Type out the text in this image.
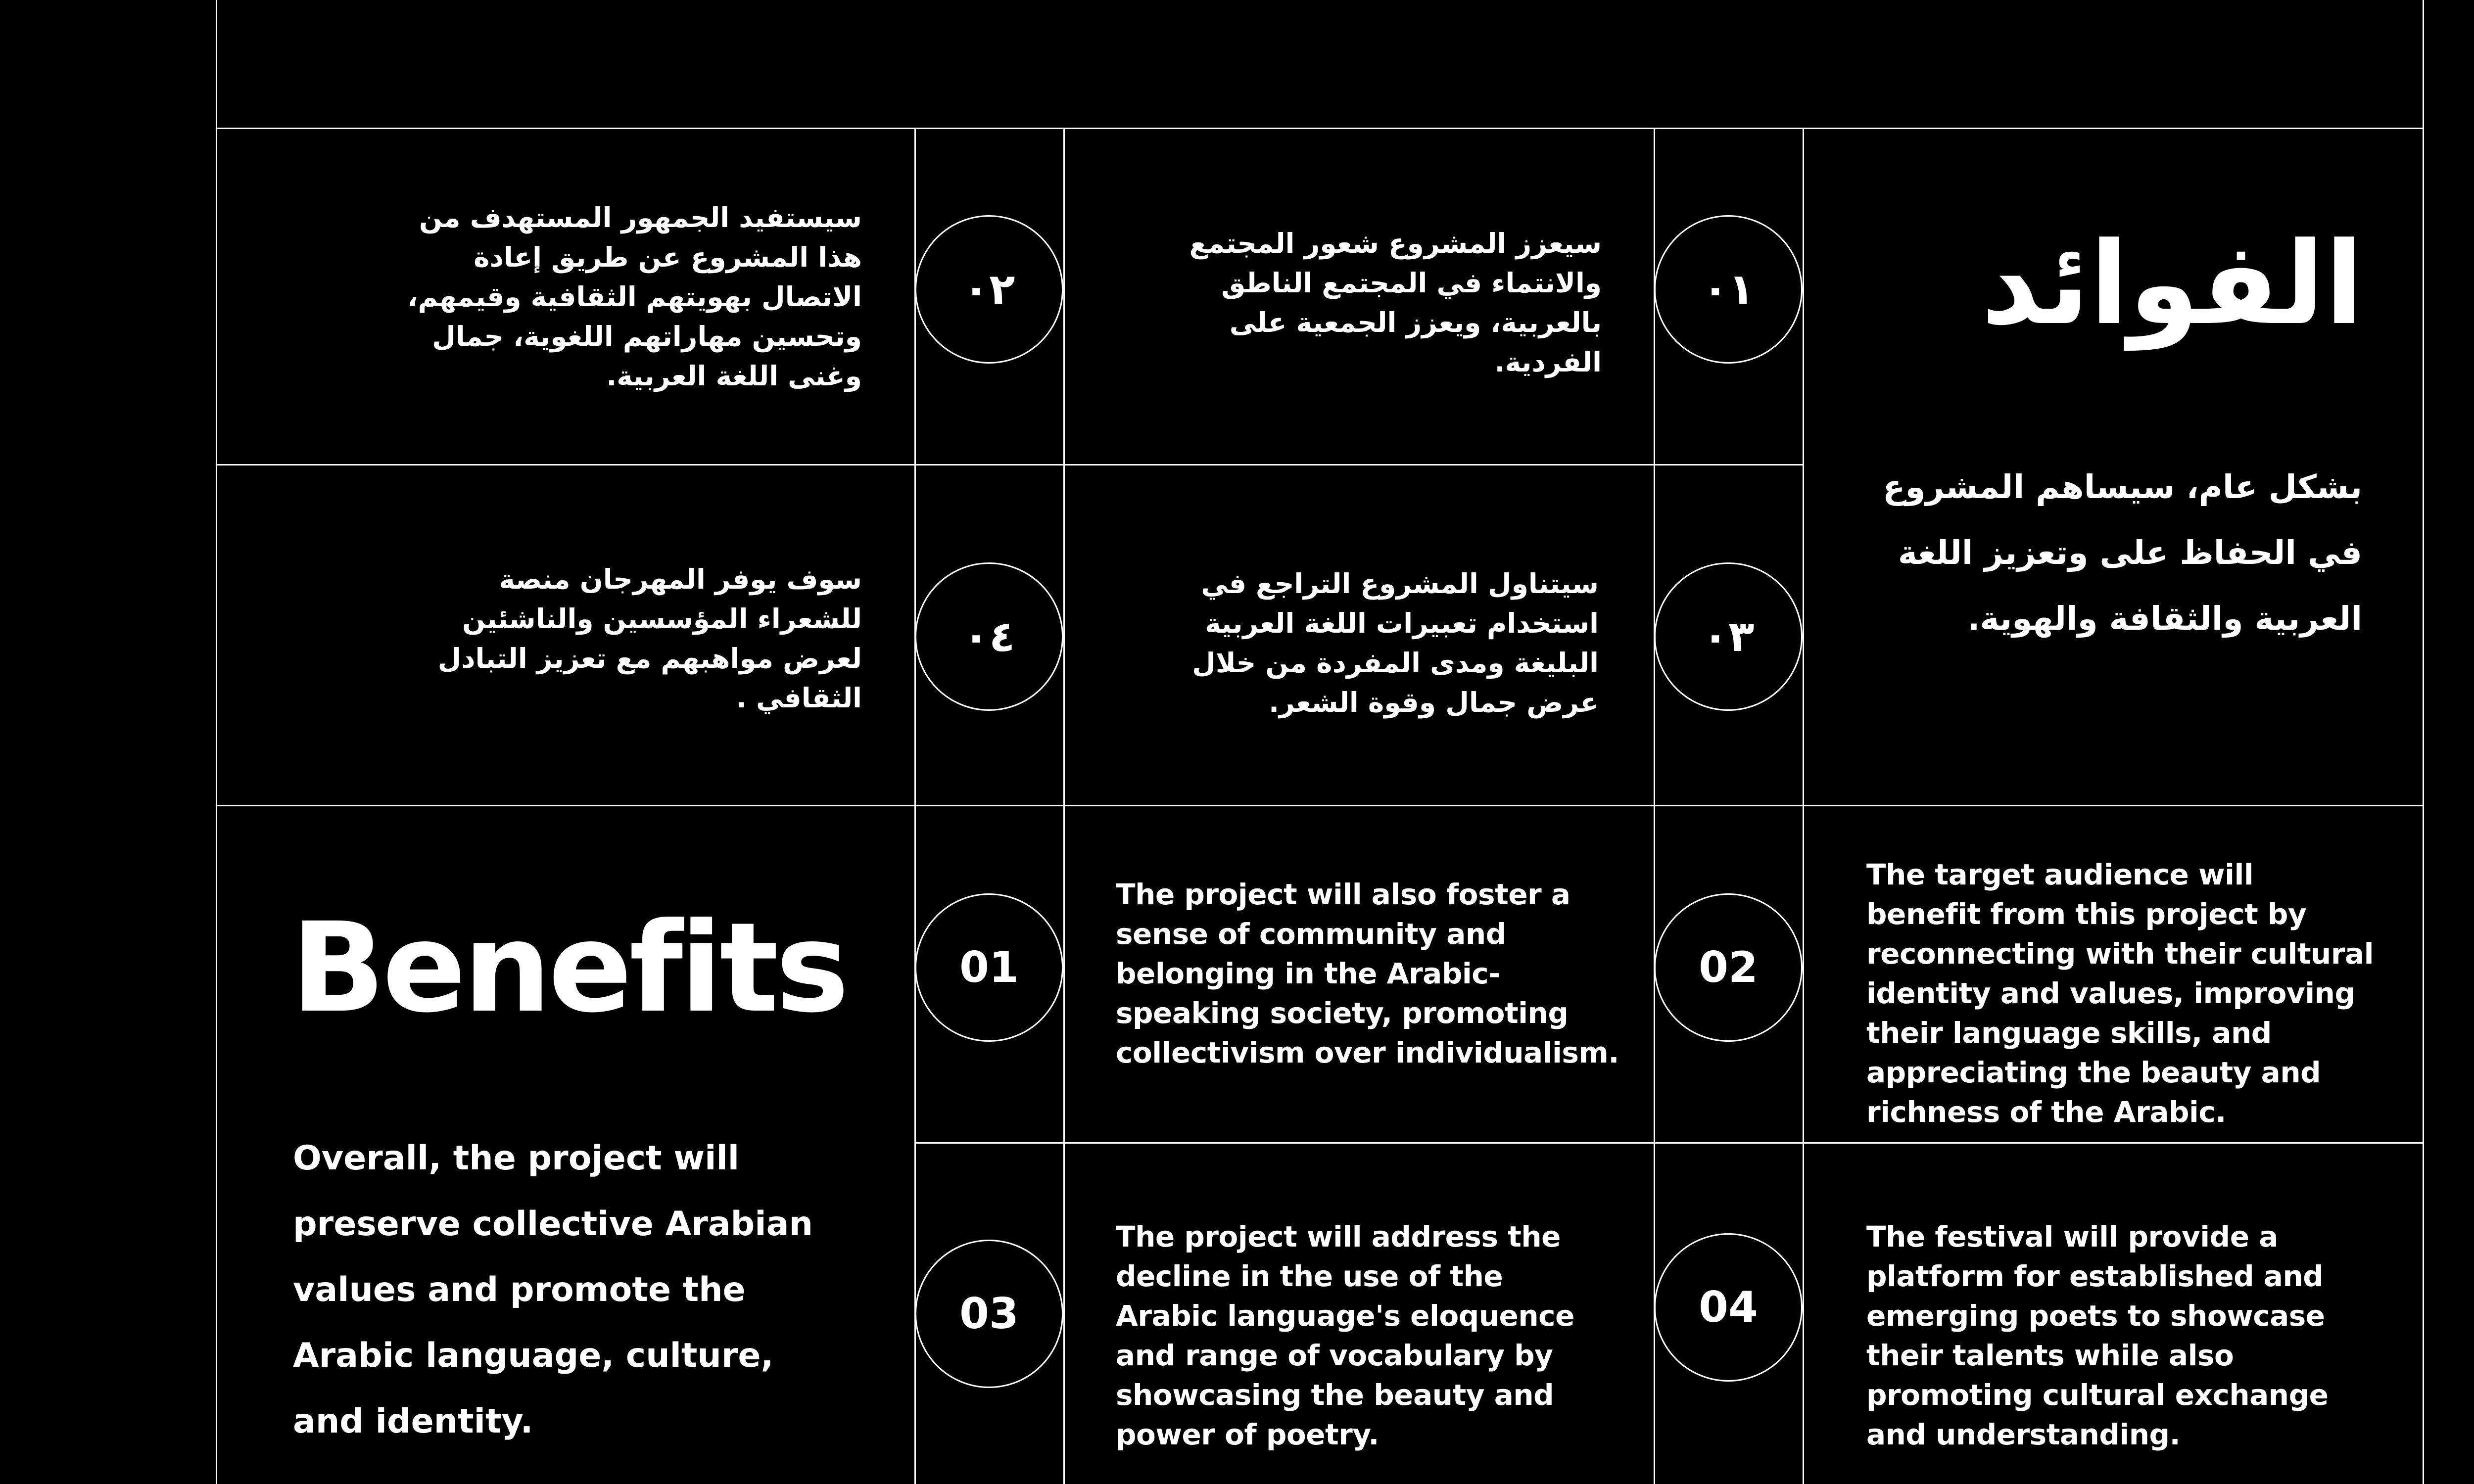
الفوائد
بشكل عام، سيساهم المشروع في الحفاظ على وتعزيز اللغة العربية والثقافة والهوية.
٠١
سيعزز المشروع شعور المجتمع والانتماء في المجتمع الناطق بالعربية، ويعزز الجمعية على الفردية.
٠٢
سيستفيد الجمهور المستهدف من هذا المشروع عن طريق إعادة الاتصال بهويتهم الثقافية وقيمهم، وتحسين مهاراتهم اللغوية، جمال وغنى اللغة العربية.
٠٣
سيتناول المشروع التراجع في استخدام تعبيرات اللغة العربية البليغة ومدى المفردة من خلال عرض جمال وقوة الشعر.
٠٤
سوف يوفر المهرجان منصة للشعراء المؤسسين والناشئين لعرض مواهبهم مع تعزيز التبادل الثقافي .
Benefits
Overall, the project will preserve collective Arabian values and promote the Arabic language, culture, and identity.
01
The project will also foster a sense of community and belonging in the Arabic-speaking society, promoting collectivism over individualism.
02
The target audience will benefit from this project by reconnecting with their cultural identity and values, improving their language skills, and appreciating the beauty and richness of the Arabic.
03
The project will address the decline in the use of the Arabic language's eloquence and range of vocabulary by showcasing the beauty and power of poetry.
04
The festival will provide a platform for established and emerging poets to showcase their talents while also promoting cultural exchange and understanding.
